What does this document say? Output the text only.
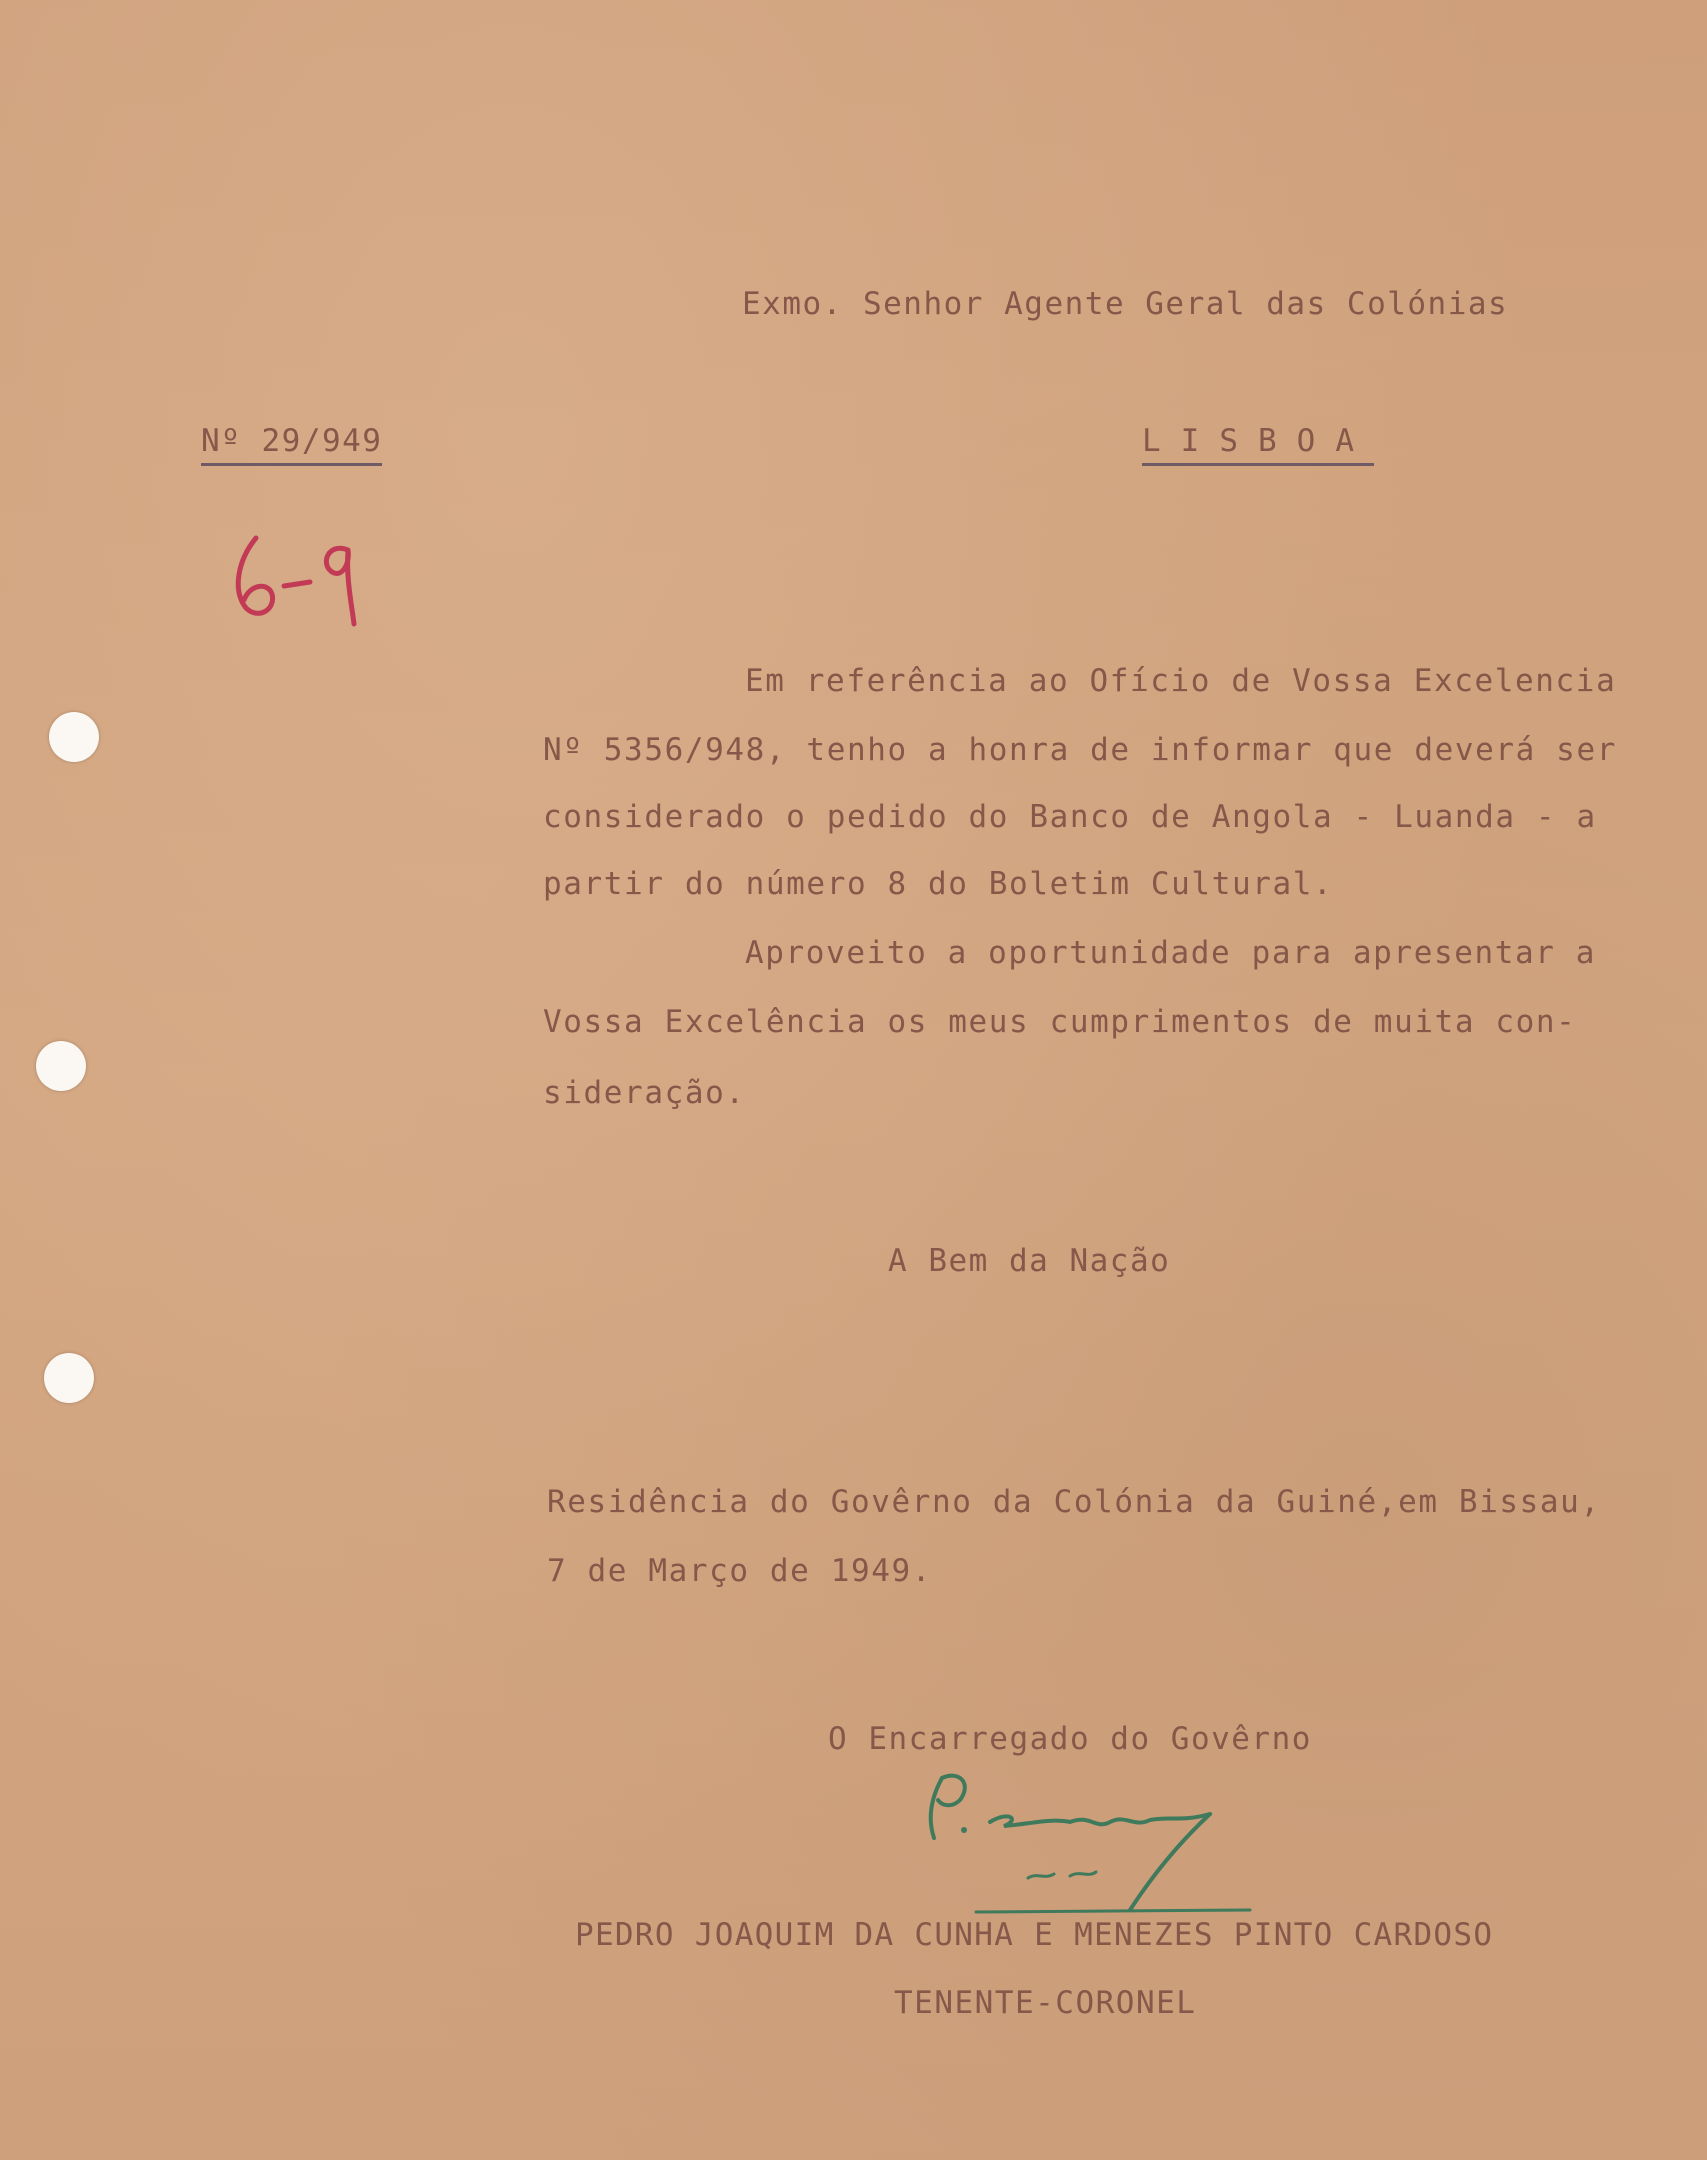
Exmo. Senhor Agente Geral das Colónias
Nº 29/949	LISBOA
Em referência ao Ofício de Vossa Excelencia
Nº 5356/948, tenho a honra de informar que deverá ser
considerado o pedido do Banco de Angola - Luanda - a
partir do número 8 do Boletim Cultural.
Aproveito a oportunidade para apresentar a
Vossa Excelência os meus cumprimentos de muita con-
sideração.
A Bem da Nação
Residência do Govêrno da Colónia da Guiné,em Bissau,
7 de Março de 1949.
O Encarregado do Govêrno
PEDRO JOAQUIM DA CUNHA E MENEZES PINTO CARDOSO
TENENTE-CORONEL
